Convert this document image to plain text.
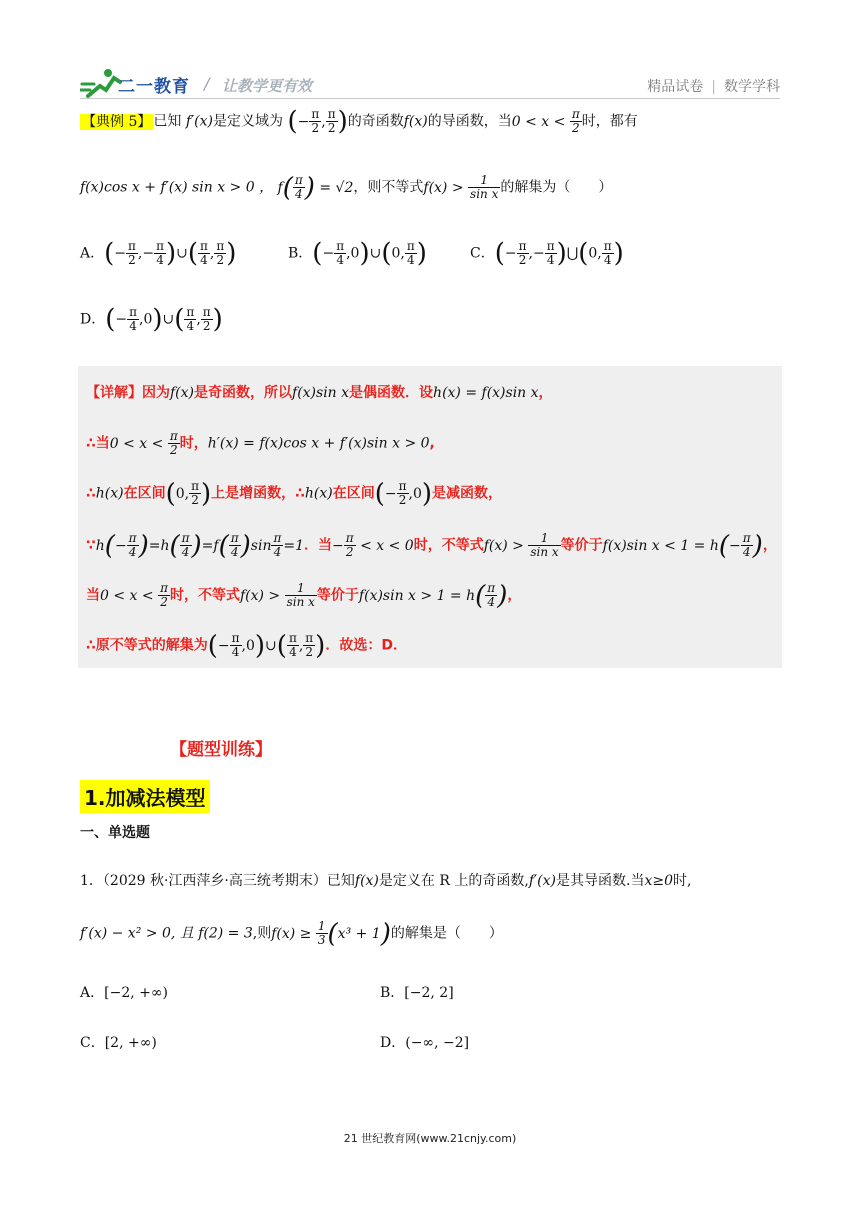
二一教育 / 让教学更有效	精品试卷 | 数学学科
【典例 5】 已知 f′(x)是定义域为 (− $\frac{\pi}{2}$ , $\frac{\pi}{2}$ )的奇函数f(x)的导函数，当$0 < x < \frac{\pi}{2}$ 时，都有
f(x)cos x + f′(x) sin x > 0 ， $f( \frac{\pi}{4}$ ) = √2，则不等式$f(x) > \frac{1}{\text{sin x}}$ 的解集为（　　）
A．(− $\frac{\pi}{2}$ ,− $\frac{\pi}{4}$ )∪( $\frac{\pi}{4}$ , $\frac{\pi}{2}$ )	B．(− $\frac{\pi}{4}$ ,0)∪(0, $\frac{\pi}{4}$ )	C．(− $\frac{\pi}{2}$ ,− $\frac{\pi}{4}$ )⋃(0, $\frac{\pi}{4}$ )
D．(− $\frac{\pi}{4}$ ,0)∪( $\frac{\pi}{4}$ , $\frac{\pi}{2}$ )
【详解】因为f(x)是奇函数，所以f(x)sin x是偶函数．设h(x) = f(x)sin x，
∴当$0 < x < \frac{\pi}{2}$ 时，h′(x) = f(x)cos x + f′(x)sin x > 0,
∴h(x)在区间(0, $\frac{\pi}{2}$ )上是增函数，∴h(x)在区间(− $\frac{\pi}{2} ,0$)是减函数，
∵h(− $\frac{\pi}{4} )=h( \frac{\pi}{4} )=f( \frac{\pi}{4} )\sin \frac{\pi}{4} =1$．当− $\frac{\pi}{2} < x < 0$时，不等式$f(x) > \frac{1}{\text{sin x}}$ 等价于f(x)sin $x < 1 = h(- \frac{\pi}{4}$ )，
当$0 < x < \frac{\pi}{2}$ 时，不等式$f(x) > \frac{1}{\text{sin x}}$ 等价于f(x)sin $x > 1 = h( \frac{\pi}{4}$ )，
∴原不等式的解集为(− $\frac{\pi}{4}$ ,0)∪( $\frac{\pi}{4}$ , $\frac{\pi}{2}$ )．故选：D．
【题型训练】
1.加减法模型
一、单选题
1．（2029 秋·江西萍乡·高三统考期末）已知f(x)是定义在 R 上的奇函数,f′(x)是其导函数.当x≥0时,
f′(x) − x² > 0, 且 f(2) = 3,则$f(x) \ge \frac{1}{3} (x^3 + 1)$的解集是（　　）
A．[−2, +∞)	B．[−2, 2]
C．[2, +∞)	D．(−∞, −2]
21 世纪教育网(www.21cnjy.com)
